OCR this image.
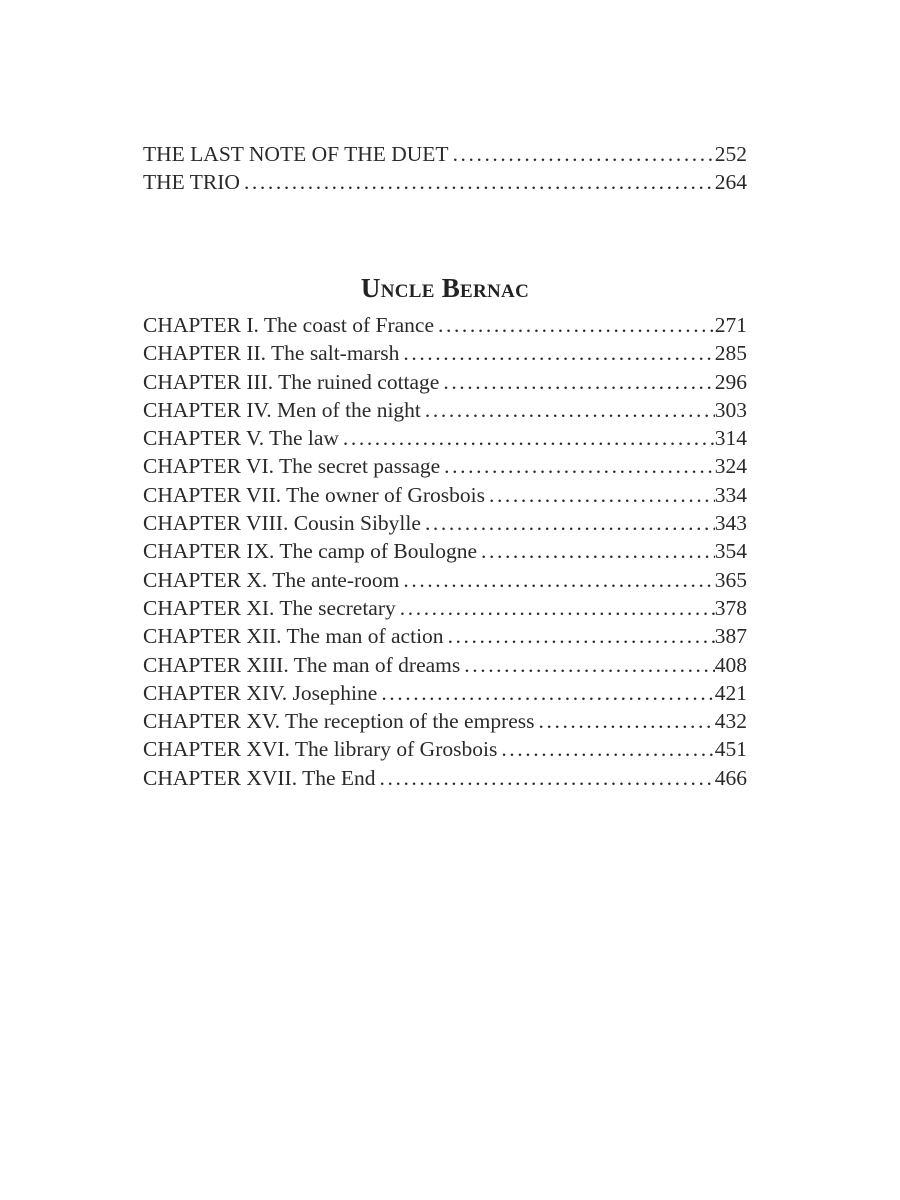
THE LAST NOTE OF THE DUET .....	252
THE TRIO .....	264
Uncle Bernac
CHAPTER I. The coast of France .....	271
CHAPTER II. The salt-marsh .....	285
CHAPTER III. The ruined cottage .....	296
CHAPTER IV. Men of the night .....	303
CHAPTER V. The law .....	314
CHAPTER VI. The secret passage .....	324
CHAPTER VII. The owner of Grosbois .....	334
CHAPTER VIII. Cousin Sibylle .....	343
CHAPTER IX. The camp of Boulogne .....	354
CHAPTER X. The ante-room .....	365
CHAPTER XI. The secretary .....	378
CHAPTER XII. The man of action .....	387
CHAPTER XIII. The man of dreams .....	408
CHAPTER XIV. Josephine .....	421
CHAPTER XV. The reception of the empress .....	432
CHAPTER XVI. The library of Grosbois .....	451
CHAPTER XVII. The End .....	466
